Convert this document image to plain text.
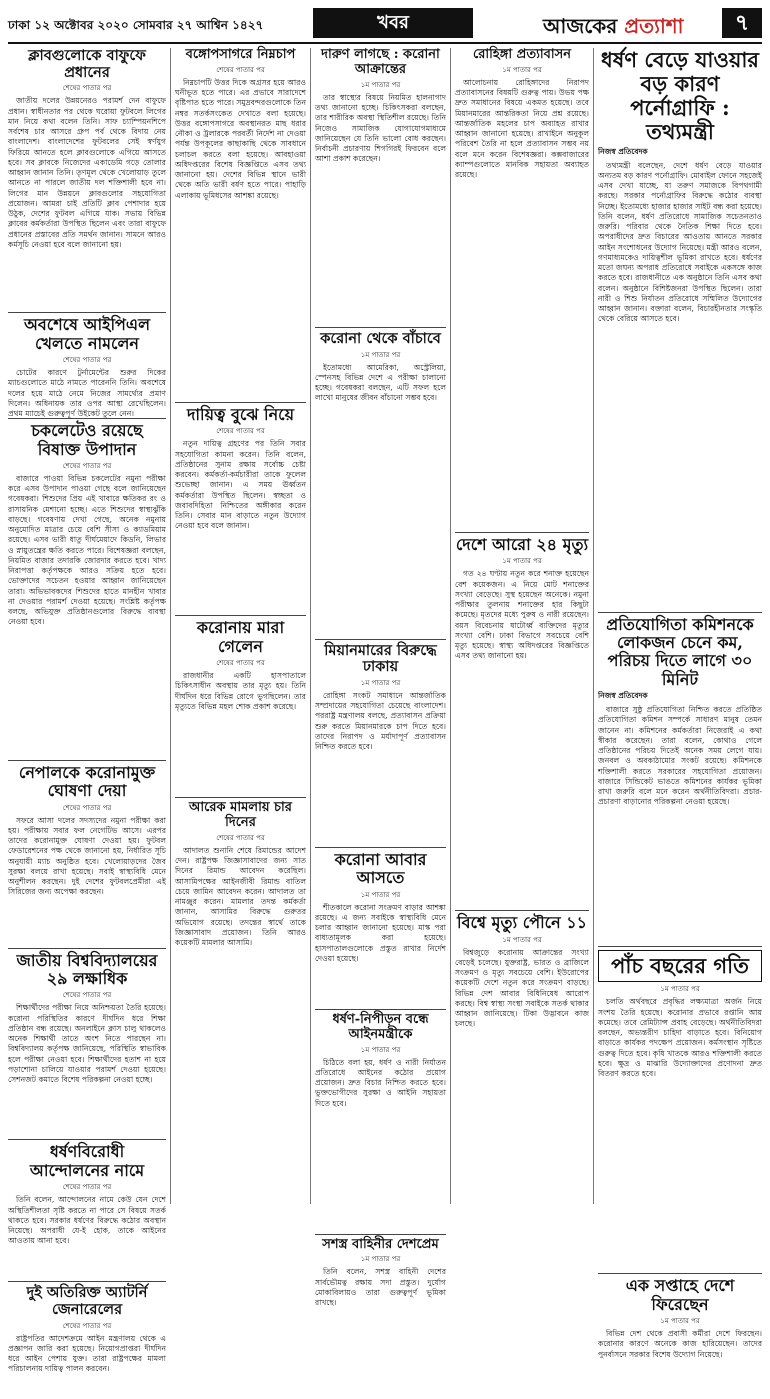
ঢাকা ১২ অক্টোবর ২০২০ সোমবার ২৭ আশ্বিন ১৪২৭	খবর	আজকের প্রত্যাশা	৭
ক্লাবগুলোকে বাফুফে প্রধানের
শেষের পাতার পর

জাতীয় দলের উন্নয়নেরও পরামর্শ দেন বাফুফে প্রধান। স্বাধীনতার পর থেকে ঘরোয়া ফুটবলে লিগের মান নিয়ে কথা বলেন তিনি। সাফ চ্যাম্পিয়নশিপে সর্বশেষ চার আসরে গ্রুপ পর্ব থেকে বিদায় নেয় বাংলাদেশ। বাংলাদেশের ফুটবলের সেই স্বর্ণযুগ ফিরিয়ে আনতে হলে ক্লাবগুলোকে এগিয়ে আসতে হবে। সব ক্লাবকে নিজেদের একাডেমি গড়ে তোলার আহ্বান জানান তিনি। তৃণমূল থেকে খেলোয়াড় তুলে আনতে না পারলে জাতীয় দল শক্তিশালী হবে না। লিগের মান উন্নয়নে ক্লাবগুলোর সহযোগিতা প্রয়োজন। আমরা চাই প্রতিটি ক্লাব পেশাদার হয়ে উঠুক, দেশের ফুটবল এগিয়ে যাক। সভায় বিভিন্ন ক্লাবের কর্মকর্তারা উপস্থিত ছিলেন এবং তারা বাফুফে প্রধানের প্রস্তাবের প্রতি সমর্থন জানান। সামনে আরও কর্মসূচি নেওয়া হবে বলে জানানো হয়।

অবশেষে আইপিএল খেলতে নামলেন
শেষের পাতার পর

চোটের কারণে টুর্নামেন্টের শুরুর দিকের ম্যাচগুলোতে মাঠে নামতে পারেননি তিনি। অবশেষে দলের হয়ে মাঠে নেমে নিজের সামর্থ্যের প্রমাণ দিলেন। অধিনায়ক তার ওপর আস্থা রেখেছিলেন। প্রথম ম্যাচেই গুরুত্বপূর্ণ উইকেট তুলে নেন।

চকলেটেও রয়েছে বিষাক্ত উপাদান
শেষের পাতার পর

বাজারে পাওয়া বিভিন্ন চকলেটের নমুনা পরীক্ষা করে এসব উপাদান পাওয়া গেছে বলে জানিয়েছেন গবেষকরা। শিশুদের প্রিয় এই খাবারে ক্ষতিকর রং ও রাসায়নিক মেশানো হচ্ছে। এতে শিশুদের স্বাস্থ্যঝুঁকি বাড়ছে। গবেষণায় দেখা গেছে, অনেক নমুনায় অনুমোদিত মাত্রার চেয়ে বেশি সীসা ও ক্যাডমিয়াম রয়েছে। এসব ভারী ধাতু দীর্ঘমেয়াদে কিডনি, লিভার ও স্নায়ুতন্ত্রের ক্ষতি করতে পারে। বিশেষজ্ঞরা বলছেন, নিয়মিত বাজার তদারকি জোরদার করতে হবে। খাদ্য নিরাপত্তা কর্তৃপক্ষকে আরও সক্রিয় হতে হবে। ভোক্তাদের সচেতন হওয়ার আহ্বান জানিয়েছেন তারা। অভিভাবকদের শিশুদের হাতে মানহীন খাবার না দেওয়ার পরামর্শ দেওয়া হয়েছে। সংশ্লিষ্ট কর্তৃপক্ষ বলছে, অভিযুক্ত প্রতিষ্ঠানগুলোর বিরুদ্ধে ব্যবস্থা নেওয়া হবে।

নেপালকে করোনামুক্ত ঘোষণা দেয়া
শেষের পাতার পর

সফরে আসা দলের সদস্যদের নমুনা পরীক্ষা করা হয়। পরীক্ষায় সবার ফল নেগেটিভ আসে। এরপর তাদের করোনামুক্ত ঘোষণা দেওয়া হয়। ফুটবল ফেডারেশনের পক্ষ থেকে জানানো হয়, নির্ধারিত সূচি অনুযায়ী ম্যাচ অনুষ্ঠিত হবে। খেলোয়াড়দের জৈব সুরক্ষা বলয়ে রাখা হয়েছে। সবাই স্বাস্থ্যবিধি মেনে অনুশীলন করছেন। দুই দেশের ফুটবলপ্রেমীরা এই সিরিজের জন্য অপেক্ষা করছেন।

জাতীয় বিশ্ববিদ্যালয়ের ২৯ লক্ষাধিক
শেষের পাতার পর

শিক্ষার্থীদের পরীক্ষা নিয়ে অনিশ্চয়তা তৈরি হয়েছে। করোনা পরিস্থিতির কারণে দীর্ঘদিন ধরে শিক্ষা প্রতিষ্ঠান বন্ধ রয়েছে। অনলাইনে ক্লাস চালু থাকলেও অনেক শিক্ষার্থী তাতে অংশ নিতে পারছেন না। বিশ্ববিদ্যালয় কর্তৃপক্ষ জানিয়েছে, পরিস্থিতি স্বাভাবিক হলে পরীক্ষা নেওয়া হবে। শিক্ষার্থীদের হতাশ না হয়ে পড়াশোনা চালিয়ে যাওয়ার পরামর্শ দেওয়া হয়েছে। সেশনজট কমাতে বিশেষ পরিকল্পনা নেওয়া হচ্ছে।

ধর্ষণবিরোধী আন্দোলনের নামে
শেষের পাতার পর

তিনি বলেন, আন্দোলনের নামে কেউ যেন দেশে অস্থিতিশীলতা সৃষ্টি করতে না পারে সে বিষয়ে সতর্ক থাকতে হবে। সরকার ধর্ষণের বিরুদ্ধে কঠোর অবস্থান নিয়েছে। অপরাধী যে-ই হোক, তাকে আইনের আওতায় আনা হবে।

দুই অতিরিক্ত অ্যাটর্নি জেনারেলের
শেষের পাতার পর

রাষ্ট্রপতির আদেশক্রমে আইন মন্ত্রণালয় থেকে এ প্রজ্ঞাপন জারি করা হয়েছে। নিয়োগপ্রাপ্তরা দীর্ঘদিন ধরে আইন পেশায় যুক্ত। তারা রাষ্ট্রপক্ষের মামলা পরিচালনায় দায়িত্ব পালন করবেন।

বঙ্গোপসাগরে নিম্নচাপ
শেষের পাতার পর

নিম্নচাপটি উত্তর দিকে অগ্রসর হয়ে আরও ঘনীভূত হতে পারে। এর প্রভাবে সারাদেশে বৃষ্টিপাত হতে পারে। সমুদ্রবন্দরগুলোকে তিন নম্বর সতর্কসংকেত দেখাতে বলা হয়েছে। উত্তর বঙ্গোপসাগরে অবস্থানরত মাছ ধরার নৌকা ও ট্রলারকে পরবর্তী নির্দেশ না দেওয়া পর্যন্ত উপকূলের কাছাকাছি থেকে সাবধানে চলাচল করতে বলা হয়েছে। আবহাওয়া অধিদপ্তরের বিশেষ বিজ্ঞপ্তিতে এসব তথ্য জানানো হয়। দেশের বিভিন্ন স্থানে ভারী থেকে অতি ভারী বর্ষণ হতে পারে। পাহাড়ি এলাকায় ভূমিধসের আশঙ্কা রয়েছে।

দায়িত্ব বুঝে নিয়ে
শেষের পাতার পর

নতুন দায়িত্ব গ্রহণের পর তিনি সবার সহযোগিতা কামনা করেন। তিনি বলেন, প্রতিষ্ঠানের সুনাম রক্ষায় সর্বোচ্চ চেষ্টা করবেন। কর্মকর্তা-কর্মচারীরা তাকে ফুলেল শুভেচ্ছা জানান। এ সময় ঊর্ধ্বতন কর্মকর্তারা উপস্থিত ছিলেন। স্বচ্ছতা ও জবাবদিহিতা নিশ্চিতের অঙ্গীকার করেন তিনি। সেবার মান বাড়াতে নতুন উদ্যোগ নেওয়া হবে বলে জানান।

করোনায় মারা গেলেন
শেষের পাতার পর

রাজধানীর একটি হাসপাতালে চিকিৎসাধীন অবস্থায় তার মৃত্যু হয়। তিনি দীর্ঘদিন ধরে বিভিন্ন রোগে ভুগছিলেন। তার মৃত্যুতে বিভিন্ন মহল শোক প্রকাশ করেছে।

আরেক মামলায় চার দিনের
শেষের পাতার পর

আদালত শুনানি শেষে রিমান্ডের আদেশ দেন। রাষ্ট্রপক্ষ জিজ্ঞাসাবাদের জন্য সাত দিনের রিমান্ড আবেদন করেছিল। আসামিপক্ষের আইনজীবী রিমান্ড বাতিল চেয়ে জামিন আবেদন করেন। আদালত তা নামঞ্জুর করেন। মামলার তদন্ত কর্মকর্তা জানান, আসামির বিরুদ্ধে গুরুতর অভিযোগ রয়েছে। তদন্তের স্বার্থে তাকে জিজ্ঞাসাবাদ প্রয়োজন। তিনি আরও কয়েকটি মামলার আসামি।

দারুণ লাগছে : করোনা আক্রান্তের
১ম পাতার পর

তার স্বাস্থ্যের বিষয়ে নিয়মিত হালনাগাদ তথ্য জানানো হচ্ছে। চিকিৎসকরা বলছেন, তার শারীরিক অবস্থা স্থিতিশীল রয়েছে। তিনি নিজেও সামাজিক যোগাযোগমাধ্যমে জানিয়েছেন যে তিনি ভালো বোধ করছেন। নির্বাচনী প্রচারণায় শিগগিরই ফিরবেন বলে আশা প্রকাশ করেছেন।

করোনা থেকে বাঁচাবে
১ম পাতার পর

ইতোমধ্যে আমেরিকা, অস্ট্রেলিয়া, স্পেনসহ বিভিন্ন দেশে এ পরীক্ষা চালানো হচ্ছে। গবেষকরা বলছেন, এটি সফল হলে লাখো মানুষের জীবন বাঁচানো সম্ভব হবে।

মিয়ানমারের বিরুদ্ধে ঢাকায়
১ম পাতার পর

রোহিঙ্গা সংকট সমাধানে আন্তর্জাতিক সম্প্রদায়ের সহযোগিতা চেয়েছে বাংলাদেশ। পররাষ্ট্র মন্ত্রণালয় বলছে, প্রত্যাবাসন প্রক্রিয়া শুরু করতে মিয়ানমারকে চাপ দিতে হবে। তাদের নিরাপদ ও মর্যাদাপূর্ণ প্রত্যাবাসন নিশ্চিত করতে হবে।

করোনা আবার আসতে
১ম পাতার পর

শীতকালে করোনা সংক্রমণ বাড়ার আশঙ্কা রয়েছে। এ জন্য সবাইকে স্বাস্থ্যবিধি মেনে চলার আহ্বান জানানো হয়েছে। মাস্ক পরা বাধ্যতামূলক করা হয়েছে। হাসপাতালগুলোকে প্রস্তুত রাখার নির্দেশ দেওয়া হয়েছে।

ধর্ষণ-নিপীড়ন বন্ধে আইনমন্ত্রীকে
১ম পাতার পর

চিঠিতে বলা হয়, ধর্ষণ ও নারী নির্যাতন প্রতিরোধে আইনের কঠোর প্রয়োগ প্রয়োজন। দ্রুত বিচার নিশ্চিত করতে হবে। ভুক্তভোগীদের সুরক্ষা ও আইনি সহায়তা দিতে হবে।

সশস্ত্র বাহিনীর দেশপ্রেম
১ম পাতার পর

তিনি বলেন, সশস্ত্র বাহিনী দেশের সার্বভৌমত্ব রক্ষায় সদা প্রস্তুত। দুর্যোগ মোকাবিলায়ও তারা গুরুত্বপূর্ণ ভূমিকা রাখছে।

রোহিঙ্গা প্রত্যাবাসন
১ম পাতার পর

আলোচনায় রোহিঙ্গাদের নিরাপদ প্রত্যাবাসনের বিষয়টি গুরুত্ব পায়। উভয় পক্ষ দ্রুত সমাধানের বিষয়ে একমত হয়েছে। তবে মিয়ানমারের আন্তরিকতা নিয়ে প্রশ্ন রয়েছে। আন্তর্জাতিক মহলের চাপ অব্যাহত রাখার আহ্বান জানানো হয়েছে। রাখাইনে অনুকূল পরিবেশ তৈরি না হলে প্রত্যাবাসন সম্ভব নয় বলে মনে করেন বিশেষজ্ঞরা। কক্সবাজারের ক্যাম্পগুলোতে মানবিক সহায়তা অব্যাহত রয়েছে।

দেশে আরো ২৪ মৃত্যু
১ম পাতার পর

গত ২৪ ঘণ্টায় নতুন করে শনাক্ত হয়েছেন বেশ কয়েকজন। এ নিয়ে মোট শনাক্তের সংখ্যা বেড়েছে। সুস্থ হয়েছেন অনেকে। নমুনা পরীক্ষার তুলনায় শনাক্তের হার কিছুটা কমেছে। মৃতদের মধ্যে পুরুষ ও নারী রয়েছেন। বয়স বিবেচনায় ষাটোর্ধ্ব ব্যক্তিদের মৃত্যুর সংখ্যা বেশি। ঢাকা বিভাগে সবচেয়ে বেশি মৃত্যু হয়েছে। স্বাস্থ্য অধিদপ্তরের বিজ্ঞপ্তিতে এসব তথ্য জানানো হয়।

বিশ্বে মৃত্যু পৌনে ১১
১ম পাতার পর

বিশ্বজুড়ে করোনায় আক্রান্তের সংখ্যা বেড়েই চলেছে। যুক্তরাষ্ট্র, ভারত ও ব্রাজিলে সংক্রমণ ও মৃত্যু সবচেয়ে বেশি। ইউরোপের কয়েকটি দেশে নতুন করে সংক্রমণ বাড়ছে। বিভিন্ন দেশ আবার বিধিনিষেধ আরোপ করছে। বিশ্ব স্বাস্থ্য সংস্থা সবাইকে সতর্ক থাকার আহ্বান জানিয়েছে। টিকা উদ্ভাবনে কাজ চলছে।

ধর্ষণ বেড়ে যাওয়ার বড় কারণ পর্নোগ্রাফি : তথ্যমন্ত্রী
নিজস্ব প্রতিবেদক

তথ্যমন্ত্রী বলেছেন, দেশে ধর্ষণ বেড়ে যাওয়ার অন্যতম বড় কারণ পর্নোগ্রাফি। মোবাইল ফোনে সহজেই এসব দেখা যাচ্ছে, যা তরুণ সমাজকে বিপথগামী করছে। সরকার পর্নোগ্রাফির বিরুদ্ধে কঠোর ব্যবস্থা নিচ্ছে। ইতোমধ্যে হাজার হাজার সাইট বন্ধ করা হয়েছে। তিনি বলেন, ধর্ষণ প্রতিরোধে সামাজিক সচেতনতাও জরুরি। পরিবার থেকে নৈতিক শিক্ষা দিতে হবে। অপরাধীদের দ্রুত বিচারের আওতায় আনতে সরকার আইন সংশোধনের উদ্যোগ নিয়েছে। মন্ত্রী আরও বলেন, গণমাধ্যমকেও দায়িত্বশীল ভূমিকা রাখতে হবে। ধর্ষণের মতো জঘন্য অপরাধ প্রতিরোধে সবাইকে একসঙ্গে কাজ করতে হবে। রাজধানীতে এক অনুষ্ঠানে তিনি এসব কথা বলেন। অনুষ্ঠানে বিশিষ্টজনরা উপস্থিত ছিলেন। তারা নারী ও শিশু নির্যাতন প্রতিরোধে সম্মিলিত উদ্যোগের আহ্বান জানান। বক্তারা বলেন, বিচারহীনতার সংস্কৃতি থেকে বেরিয়ে আসতে হবে।

প্রতিযোগিতা কমিশনকে লোকজন চেনে কম, পরিচয় দিতে লাগে ৩০ মিনিট
নিজস্ব প্রতিবেদক

বাজারে সুষ্ঠু প্রতিযোগিতা নিশ্চিত করতে প্রতিষ্ঠিত প্রতিযোগিতা কমিশন সম্পর্কে সাধারণ মানুষ তেমন জানেন না। কমিশনের কর্মকর্তারা নিজেরাই এ কথা স্বীকার করেছেন। তারা বলেন, কোথাও গেলে প্রতিষ্ঠানের পরিচয় দিতেই অনেক সময় লেগে যায়। জনবল ও অবকাঠামোর সংকট রয়েছে। কমিশনকে শক্তিশালী করতে সরকারের সহযোগিতা প্রয়োজন। বাজারে সিন্ডিকেট ভাঙতে কমিশনের কার্যকর ভূমিকা রাখা জরুরি বলে মনে করেন অর্থনীতিবিদরা। প্রচার-প্রচারণা বাড়ানোর পরিকল্পনা নেওয়া হয়েছে।

পাঁচ বছরের গতি
১ম পাতার পর

চলতি অর্থবছরে প্রবৃদ্ধির লক্ষ্যমাত্রা অর্জন নিয়ে সংশয় তৈরি হয়েছে। করোনার প্রভাবে রপ্তানি আয় কমেছে। তবে রেমিট্যান্স প্রবাহ বেড়েছে। অর্থনীতিবিদরা বলছেন, অভ্যন্তরীণ চাহিদা বাড়াতে হবে। বিনিয়োগ বাড়াতে কার্যকর পদক্ষেপ প্রয়োজন। কর্মসংস্থান সৃষ্টিতে গুরুত্ব দিতে হবে। কৃষি খাতকে আরও শক্তিশালী করতে হবে। ক্ষুদ্র ও মাঝারি উদ্যোক্তাদের প্রণোদনা দ্রুত বিতরণ করতে হবে।

এক সপ্তাহে দেশে ফিরেছেন
১ম পাতার পর

বিভিন্ন দেশ থেকে প্রবাসী কর্মীরা দেশে ফিরছেন। করোনার কারণে অনেকে কাজ হারিয়েছেন। তাদের পুনর্বাসনে সরকার বিশেষ উদ্যোগ নিয়েছে।
